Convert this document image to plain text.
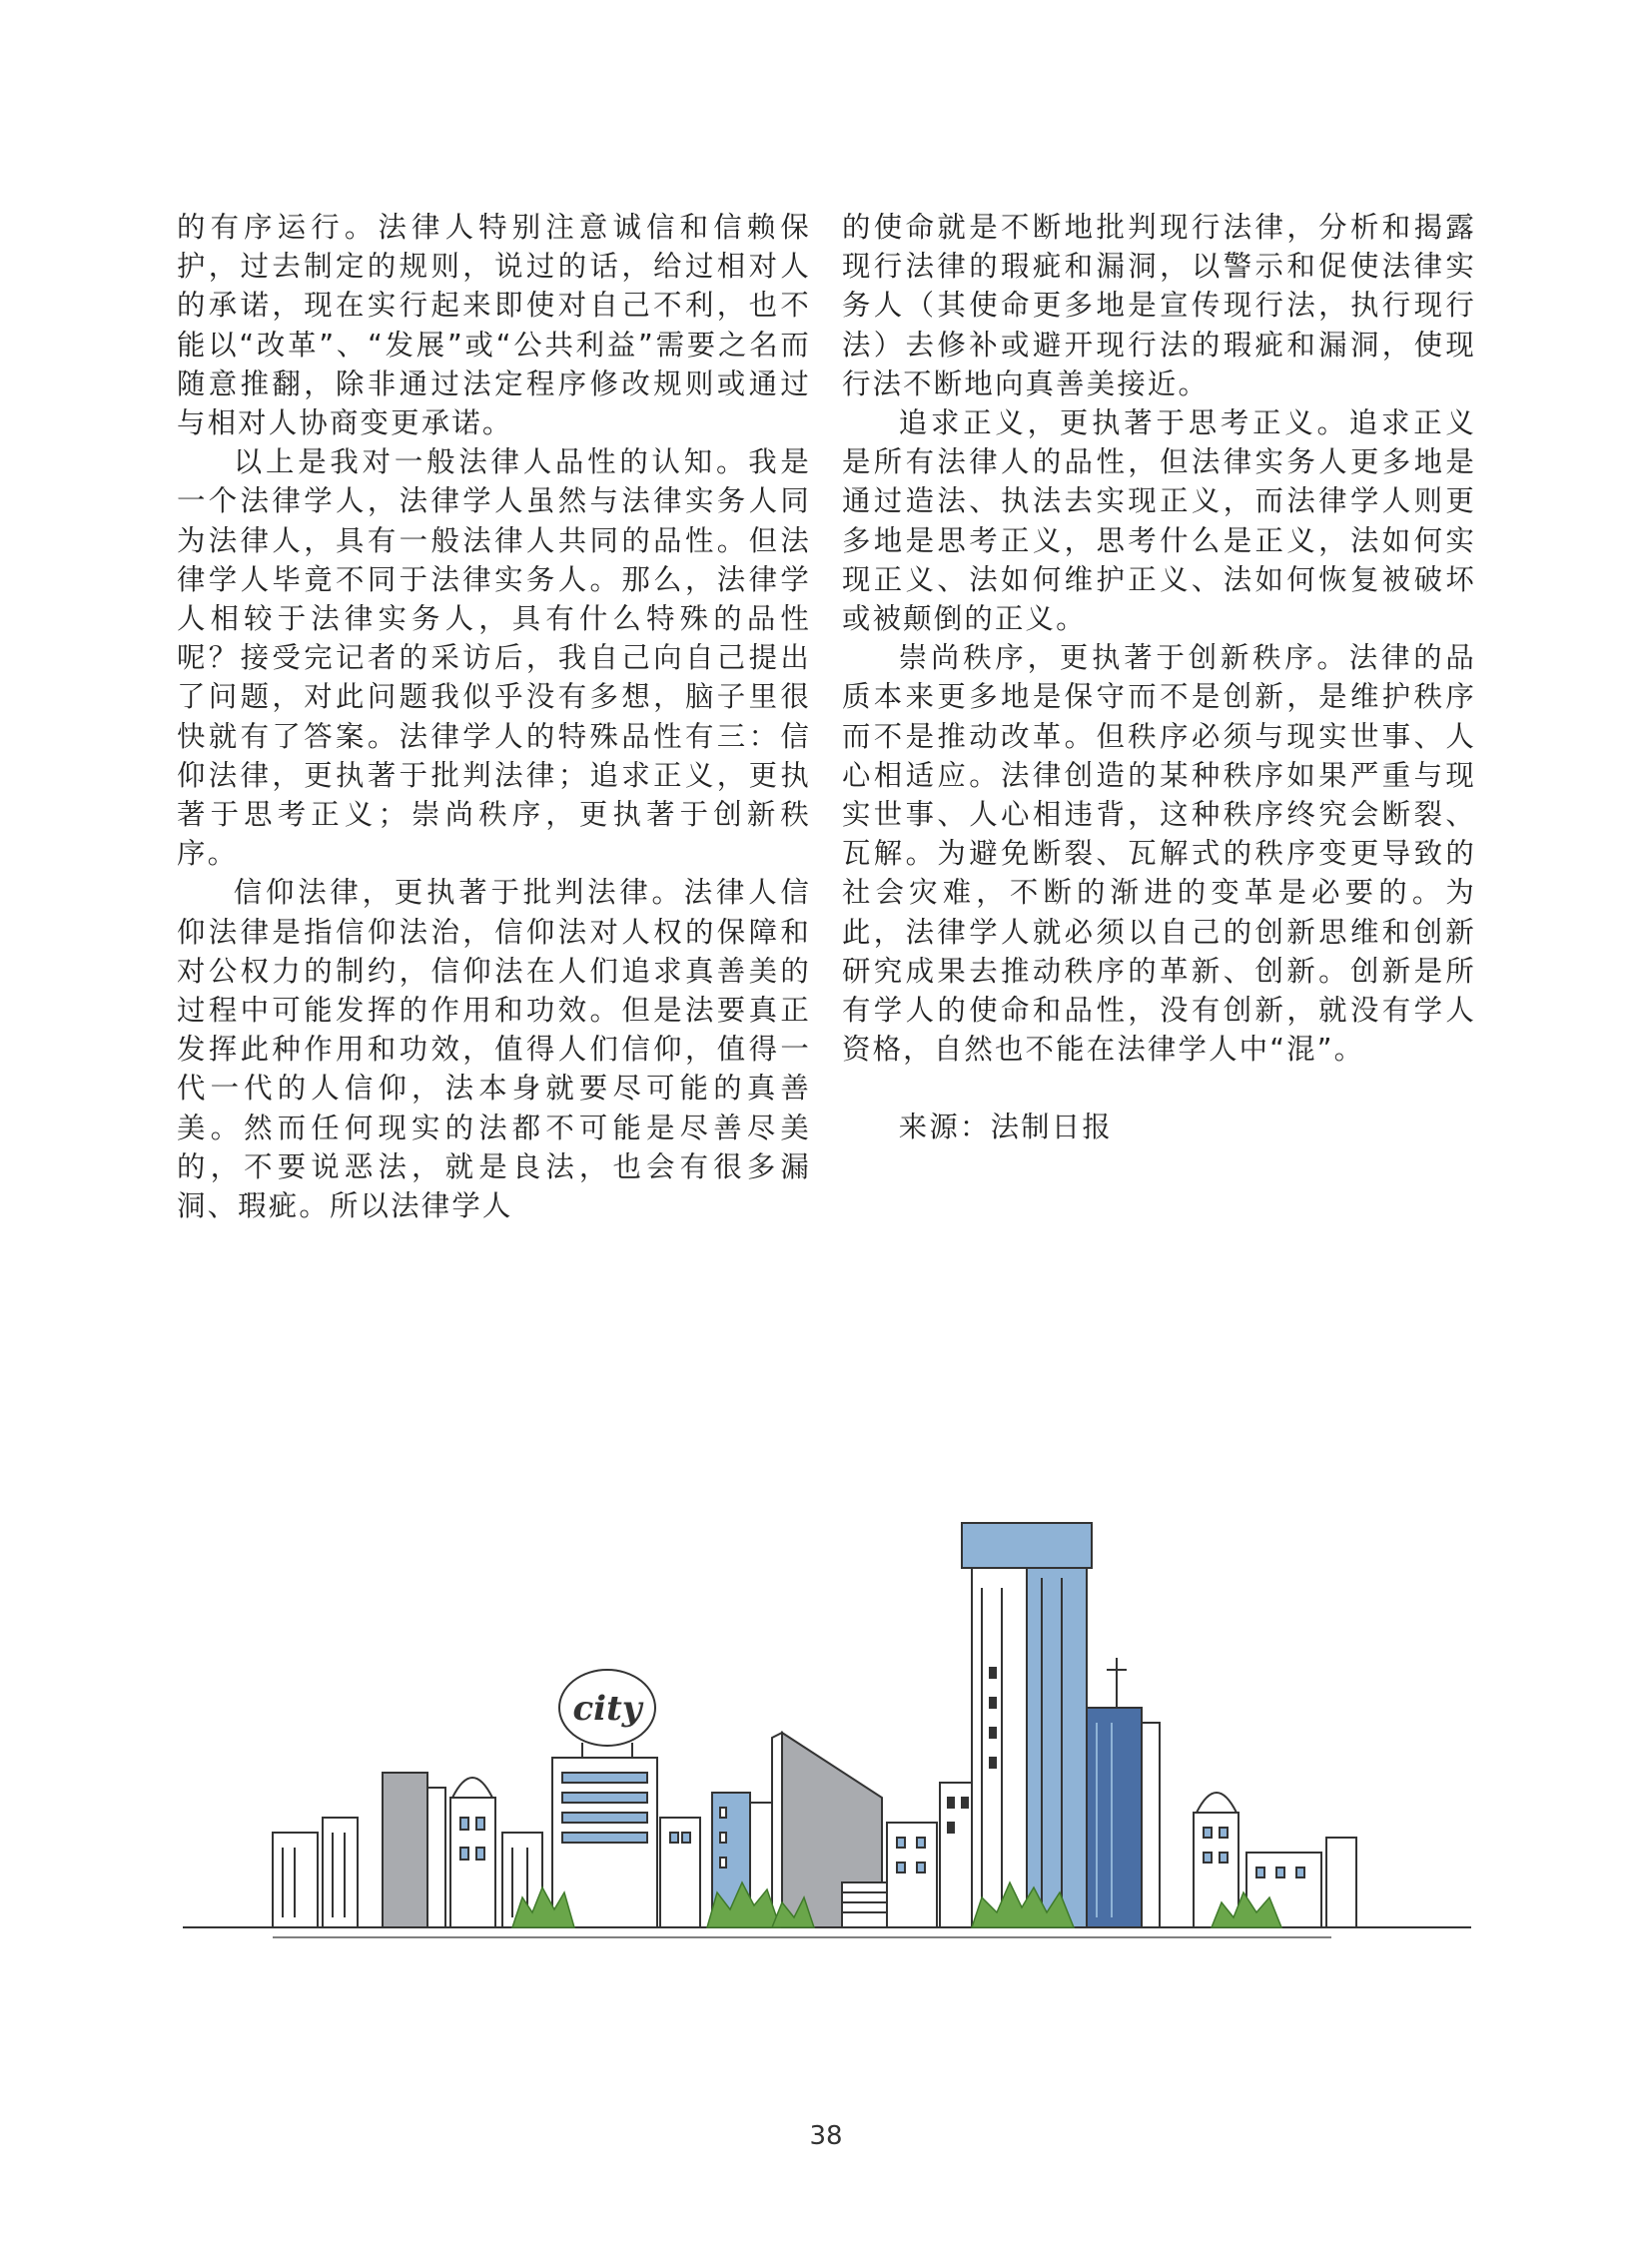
的有序运行。法律人特别注意诚信和信赖保护，过去制定的规则，说过的话，给过相对人的承诺，现在实行起来即使对自己不利，也不能以“改革”、“发展”或“公共利益”需要之名而随意推翻，除非通过法定程序修改规则或通过与相对人协商变更承诺。

以上是我对一般法律人品性的认知。我是一个法律学人，法律学人虽然与法律实务人同为法律人，具有一般法律人共同的品性。但法律学人毕竟不同于法律实务人。那么，法律学人相较于法律实务人，具有什么特殊的品性呢？接受完记者的采访后，我自己向自己提出了问题，对此问题我似乎没有多想，脑子里很快就有了答案。法律学人的特殊品性有三：信仰法律，更执著于批判法律；追求正义，更执著于思考正义；崇尚秩序，更执著于创新秩序。

信仰法律，更执著于批判法律。法律人信仰法律是指信仰法治，信仰法对人权的保障和对公权力的制约，信仰法在人们追求真善美的过程中可能发挥的作用和功效。但是法要真正发挥此种作用和功效，值得人们信仰，值得一代一代的人信仰，法本身就要尽可能的真善美。然而任何现实的法都不可能是尽善尽美的，不要说恶法，就是良法，也会有很多漏洞、瑕疵。所以法律学人

的使命就是不断地批判现行法律，分析和揭露现行法律的瑕疵和漏洞，以警示和促使法律实务人（其使命更多地是宣传现行法，执行现行法）去修补或避开现行法的瑕疵和漏洞，使现行法不断地向真善美接近。

追求正义，更执著于思考正义。追求正义是所有法律人的品性，但法律实务人更多地是通过造法、执法去实现正义，而法律学人则更多地是思考正义，思考什么是正义，法如何实现正义、法如何维护正义、法如何恢复被破坏或被颠倒的正义。

崇尚秩序，更执著于创新秩序。法律的品质本来更多地是保守而不是创新，是维护秩序而不是推动改革。但秩序必须与现实世事、人心相适应。法律创造的某种秩序如果严重与现实世事、人心相违背，这种秩序终究会断裂、瓦解。为避免断裂、瓦解式的秩序变更导致的社会灾难，不断的渐进的变革是必要的。为此，法律学人就必须以自己的创新思维和创新研究成果去推动秩序的革新、创新。创新是所有学人的使命和品性，没有创新，就没有学人资格，自然也不能在法律学人中“混”。

来源：法制日报

city
38
